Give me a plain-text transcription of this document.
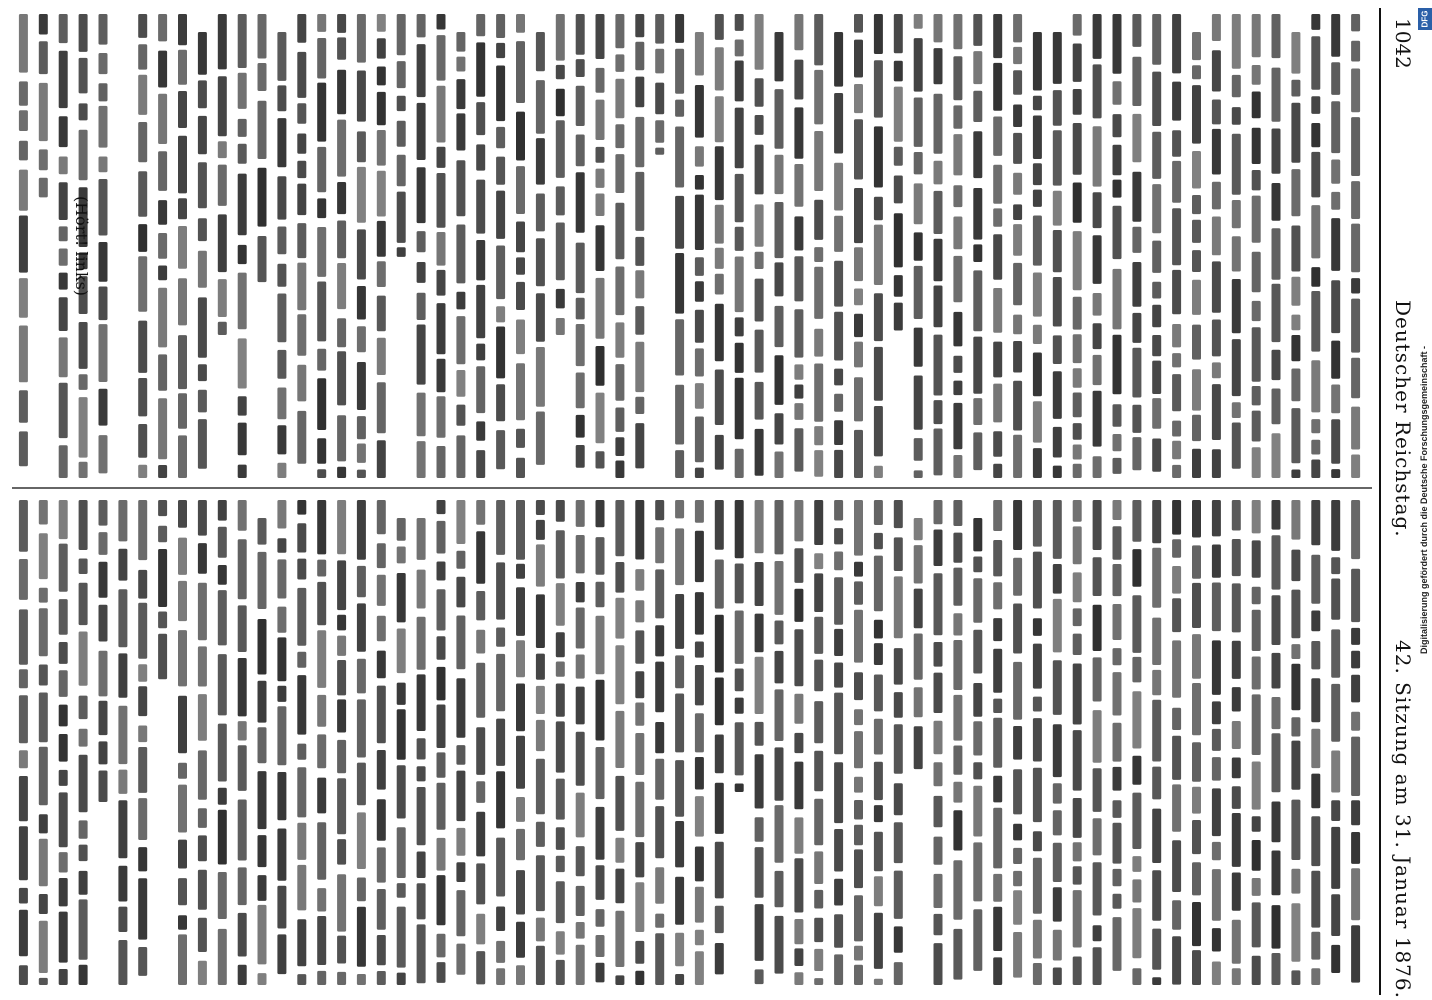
1042
Deutscher Reichstag.
42. Sitzung am 31. Januar 1876.
(Hört! links)
Digitalisierung gefördert durch die Deutsche Forschungsgemeinschaft -
DFG
